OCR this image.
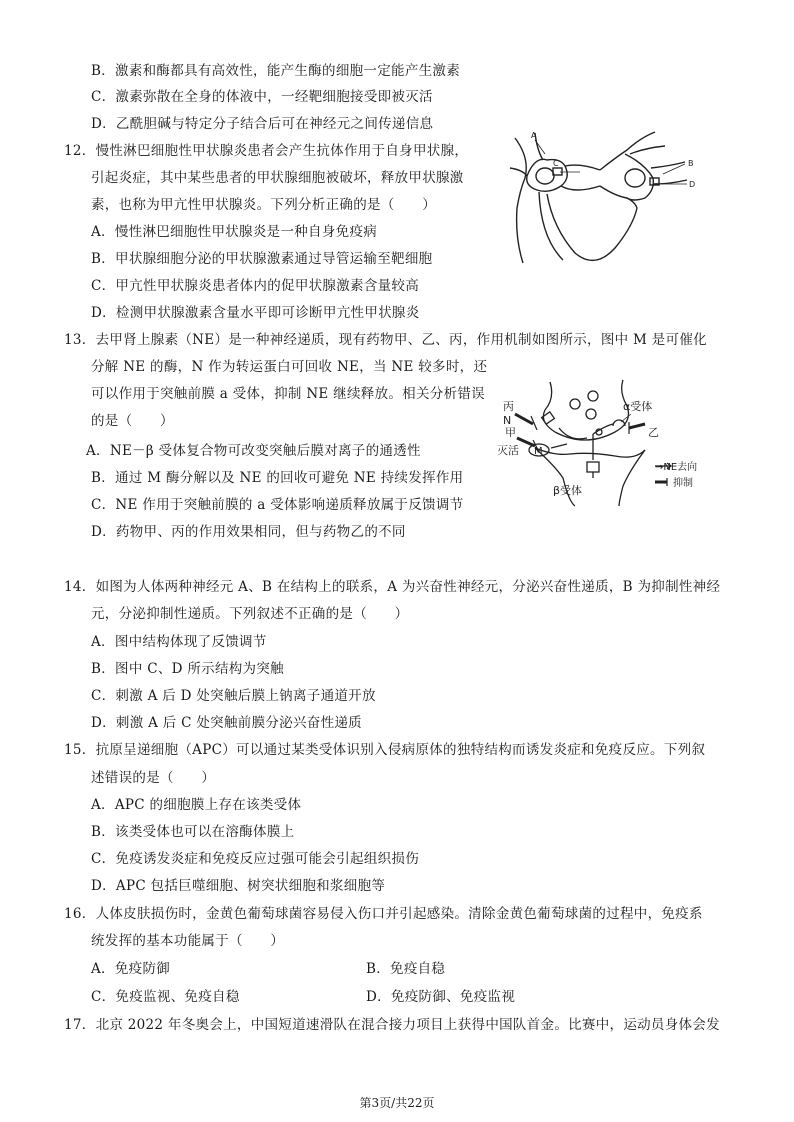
B．激素和酶都具有高效性，能产生酶的细胞一定能产生激素
C．激素弥散在全身的体液中，一经靶细胞接受即被灭活
D．乙酰胆碱与特定分子结合后可在神经元之间传递信息
12．慢性淋巴细胞性甲状腺炎患者会产生抗体作用于自身甲状腺，
引起炎症，其中某些患者的甲状腺细胞被破坏，释放甲状腺激
素，也称为甲亢性甲状腺炎。下列分析正确的是（　　）
A．慢性淋巴细胞性甲状腺炎是一种自身免疫病
B．甲状腺细胞分泌的甲状腺激素通过导管运输至靶细胞
C．甲亢性甲状腺炎患者体内的促甲状腺激素含量较高
D．检测甲状腺激素含量水平即可诊断甲亢性甲状腺炎
A
C	B
D
13．去甲肾上腺素（NE）是一种神经递质，现有药物甲、乙、丙，作用机制如图所示，图中 M 是可催化
分解 NE 的酶，N 作为转运蛋白可回收 NE，当 NE 较多时，还
可以作用于突触前膜 a 受体，抑制 NE 继续释放。相关分析错误
的是（　　）
A．NE－β 受体复合物可改变突触后膜对离子的通透性
B．通过 M 酶分解以及 NE 的回收可避免 NE 持续发挥作用
C．NE 作用于突触前膜的 a 受体影响递质释放属于反馈调节
D．药物甲、丙的作用效果相同，但与药物乙的不同
丙
N
甲
灭活 M
α受体
乙
β受体
→NE去向
抑制
14．如图为人体两种神经元 A、B 在结构上的联系，A 为兴奋性神经元，分泌兴奋性递质，B 为抑制性神经
元，分泌抑制性递质。下列叙述不正确的是（　　）
A．图中结构体现了反馈调节
B．图中 C、D 所示结构为突触
C．刺激 A 后 D 处突触后膜上钠离子通道开放
D．刺激 A 后 C 处突触前膜分泌兴奋性递质
15．抗原呈递细胞（APC）可以通过某类受体识别入侵病原体的独特结构而诱发炎症和免疫反应。下列叙
述错误的是（　　）
A．APC 的细胞膜上存在该类受体
B．该类受体也可以在溶酶体膜上
C．免疫诱发炎症和免疫反应过强可能会引起组织损伤
D．APC 包括巨噬细胞、树突状细胞和浆细胞等
16．人体皮肤损伤时，金黄色葡萄球菌容易侵入伤口并引起感染。清除金黄色葡萄球菌的过程中，免疫系
统发挥的基本功能属于（　　）
A．免疫防御	B．免疫自稳
C．免疫监视、免疫自稳	D．免疫防御、免疫监视
17．北京 2022 年冬奥会上，中国短道速滑队在混合接力项目上获得中国队首金。比赛中，运动员身体会发
第3页/共22页
